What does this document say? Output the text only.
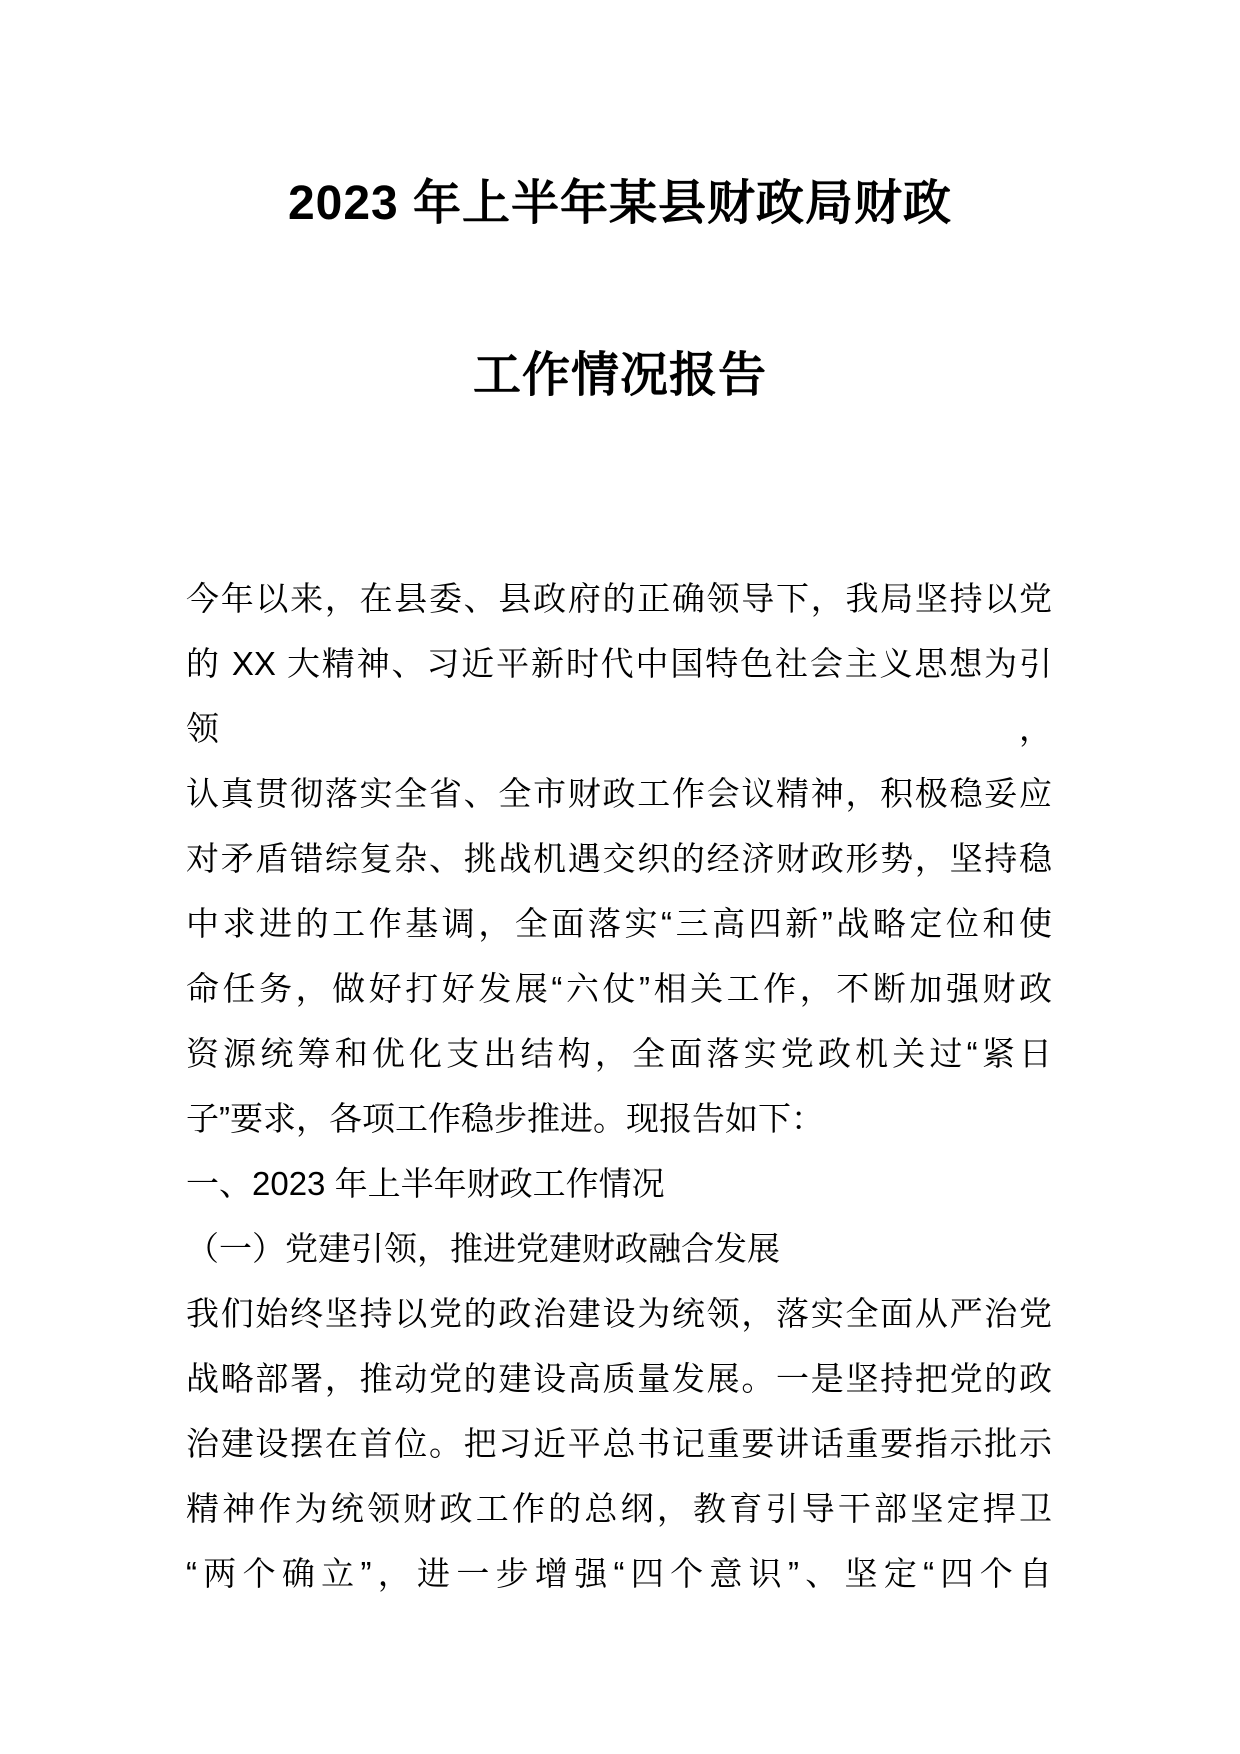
2023 年上半年某县财政局财政
工作情况报告
今年以来，在县委、县政府的正确领导下，我局坚持以党
的 XX 大精神、习近平新时代中国特色社会主义思想为引领，
认真贯彻落实全省、全市财政工作会议精神，积极稳妥应
对矛盾错综复杂、挑战机遇交织的经济财政形势，坚持稳
中求进的工作基调，全面落实“三高四新”战略定位和使
命任务，做好打好发展“六仗”相关工作，不断加强财政
资源统筹和优化支出结构，全面落实党政机关过“紧日
子”要求，各项工作稳步推进。现报告如下：
一、2023 年上半年财政工作情况
（一）党建引领，推进党建财政融合发展
我们始终坚持以党的政治建设为统领，落实全面从严治党
战略部署，推动党的建设高质量发展。一是坚持把党的政
治建设摆在首位。把习近平总书记重要讲话重要指示批示
精神作为统领财政工作的总纲，教育引导干部坚定捍卫
“两个确立”，进一步增强“四个意识”、坚定“四个自
